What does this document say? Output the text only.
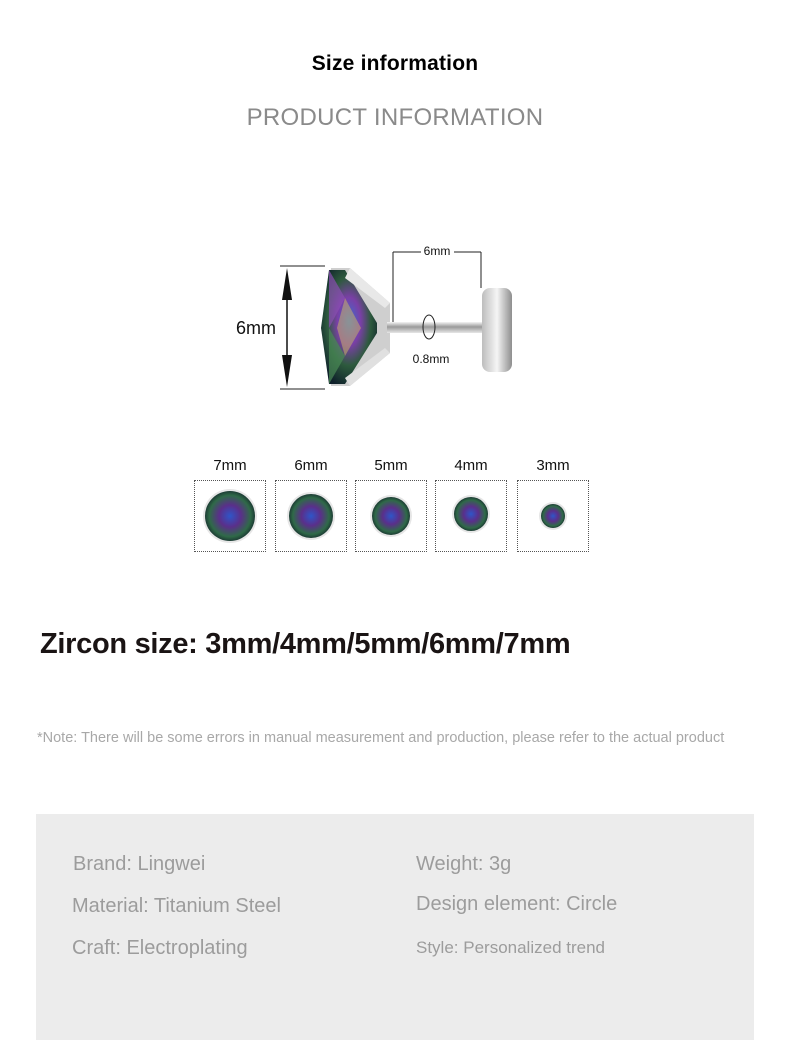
Size information
PRODUCT INFORMATION
6mm
6mm
0.8mm
7mm	6mm	5mm	4mm	3mm
Zircon size: 3mm/4mm/5mm/6mm/7mm
*Note: There will be some errors in manual measurement and production, please refer to the actual product
Brand: Lingwei	Weight: 3g
Material: Titanium Steel	Design element: Circle
Craft: Electroplating	Style: Personalized trend
